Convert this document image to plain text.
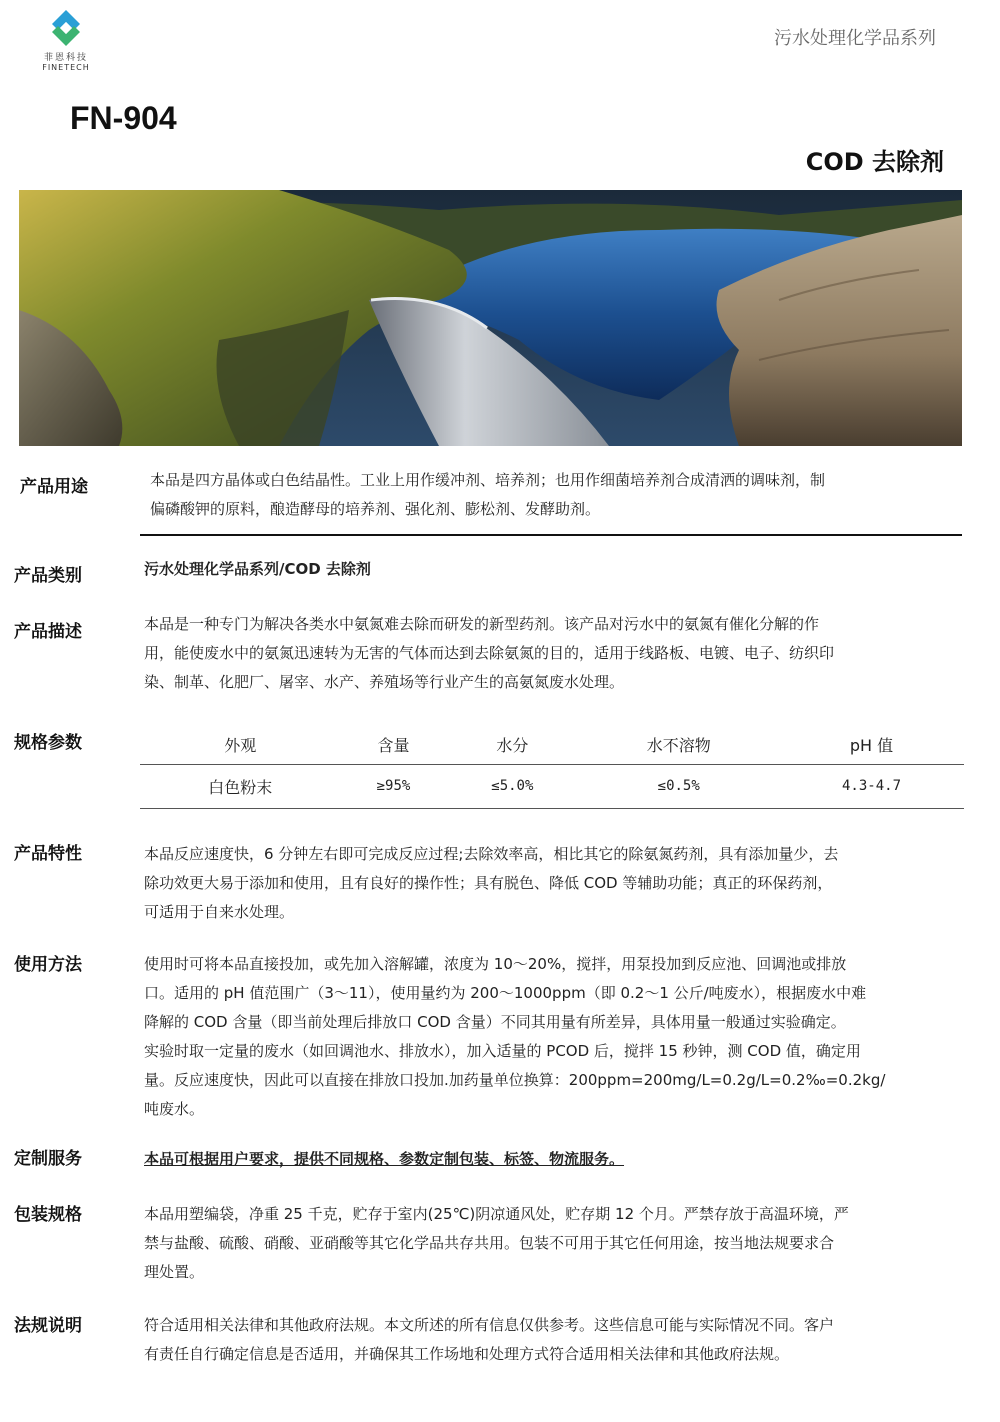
菲恩科技
FINETECH
污水处理化学品系列
FN-904
COD 去除剂
产品用途	本品是四方晶体或白色结晶性。工业上用作缓冲剂、培养剂；也用作细菌培养剂合成清洒的调味剂，制
偏磷酸钾的原料，酿造酵母的培养剂、强化剂、膨松剂、发酵助剂。
产品类别	污水处理化学品系列/COD 去除剂
产品描述	本品是一种专门为解决各类水中氨氮难去除而研发的新型药剂。该产品对污水中的氨氮有催化分解的作
用，能使废水中的氨氮迅速转为无害的气体而达到去除氨氮的目的，适用于线路板、电镀、电子、纺织印
染、制革、化肥厂、屠宰、水产、养殖场等行业产生的高氨氮废水处理。
规格参数	外观	含量	水分	水不溶物	pH 值
白色粉末	≥95%	≤5.0%	≤0.5%	4.3-4.7
产品特性	本品反应速度快，6 分钟左右即可完成反应过程;去除效率高，相比其它的除氨氮药剂，具有添加量少，去
除功效更大易于添加和使用，且有良好的操作性；具有脱色、降低 COD 等辅助功能；真正的环保药剂，
可适用于自来水处理。
使用方法	使用时可将本品直接投加，或先加入溶解罐，浓度为 10～20%，搅拌，用泵投加到反应池、回调池或排放
口。适用的 pH 值范围广（3～11），使用量约为 200～1000ppm（即 0.2～1 公斤/吨废水），根据废水中难
降解的 COD 含量（即当前处理后排放口 COD 含量）不同其用量有所差异，具体用量一般通过实验确定。
实验时取一定量的废水（如回调池水、排放水），加入适量的 PCOD 后，搅拌 15 秒钟，测 COD 值，确定用
量。反应速度快，因此可以直接在排放口投加.加药量单位换算：200ppm=200mg/L=0.2g/L=0.2‰=0.2kg/
吨废水。
定制服务	本品可根据用户要求，提供不同规格、参数定制包装、标签、物流服务。
包装规格	本品用塑编袋，净重 25 千克，贮存于室内(25℃)阴凉通风处，贮存期 12 个月。严禁存放于高温环境，严
禁与盐酸、硫酸、硝酸、亚硝酸等其它化学品共存共用。包装不可用于其它任何用途，按当地法规要求合
理处置。
法规说明	符合适用相关法律和其他政府法规。本文所述的所有信息仅供参考。这些信息可能与实际情况不同。客户
有责任自行确定信息是否适用，并确保其工作场地和处理方式符合适用相关法律和其他政府法规。
